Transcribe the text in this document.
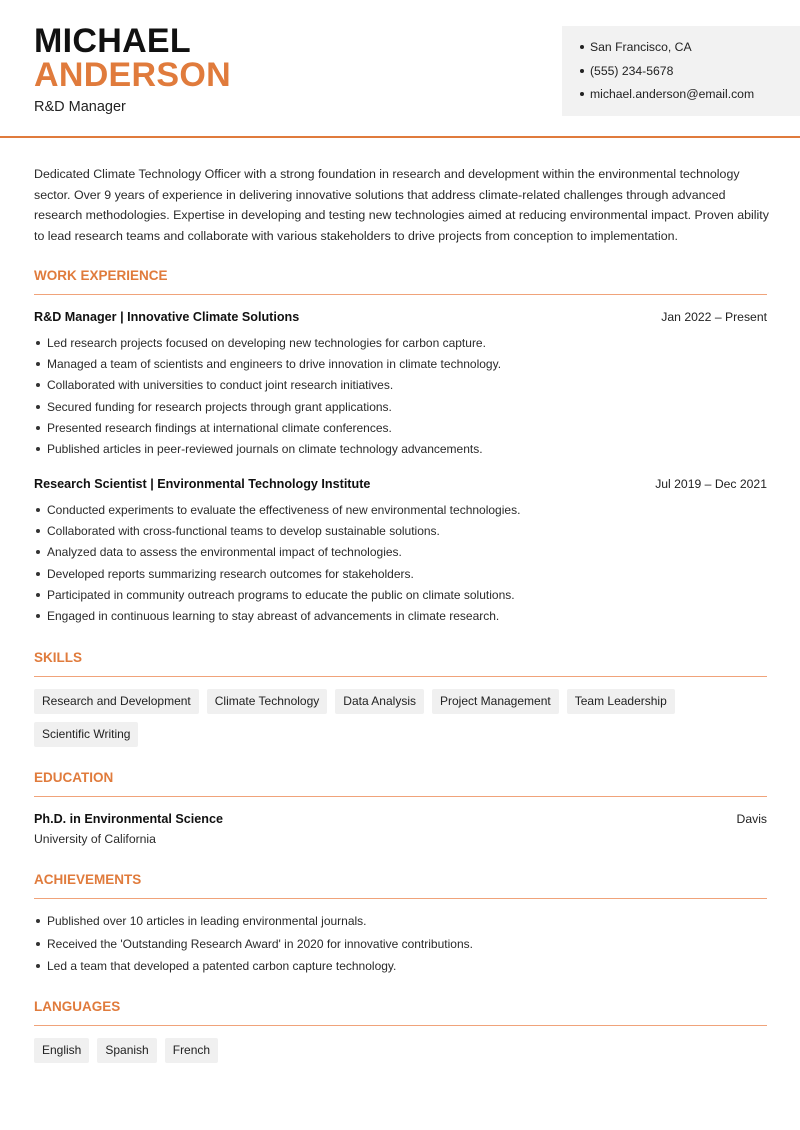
MICHAEL
ANDERSON
R&D Manager
San Francisco, CA
(555) 234-5678
michael.anderson@email.com

Dedicated Climate Technology Officer with a strong foundation in research and development within the environmental technology sector. Over 9 years of experience in delivering innovative solutions that address climate-related challenges through advanced research methodologies. Expertise in developing and testing new technologies aimed at reducing environmental impact. Proven ability to lead research teams and collaborate with various stakeholders to drive projects from conception to implementation.

WORK EXPERIENCE
R&D Manager | Innovative Climate Solutions	Jan 2022 – Present
Led research projects focused on developing new technologies for carbon capture.
Managed a team of scientists and engineers to drive innovation in climate technology.
Collaborated with universities to conduct joint research initiatives.
Secured funding for research projects through grant applications.
Presented research findings at international climate conferences.
Published articles in peer-reviewed journals on climate technology advancements.
Research Scientist | Environmental Technology Institute	Jul 2019 – Dec 2021
Conducted experiments to evaluate the effectiveness of new environmental technologies.
Collaborated with cross-functional teams to develop sustainable solutions.
Analyzed data to assess the environmental impact of technologies.
Developed reports summarizing research outcomes for stakeholders.
Participated in community outreach programs to educate the public on climate solutions.
Engaged in continuous learning to stay abreast of advancements in climate research.
SKILLS
Research and Development	Climate Technology	Data Analysis	Project Management	Team Leadership
Scientific Writing
EDUCATION
Ph.D. in Environmental Science	Davis
University of California
ACHIEVEMENTS
Published over 10 articles in leading environmental journals.
Received the 'Outstanding Research Award' in 2020 for innovative contributions.
Led a team that developed a patented carbon capture technology.
LANGUAGES
English	Spanish	French
